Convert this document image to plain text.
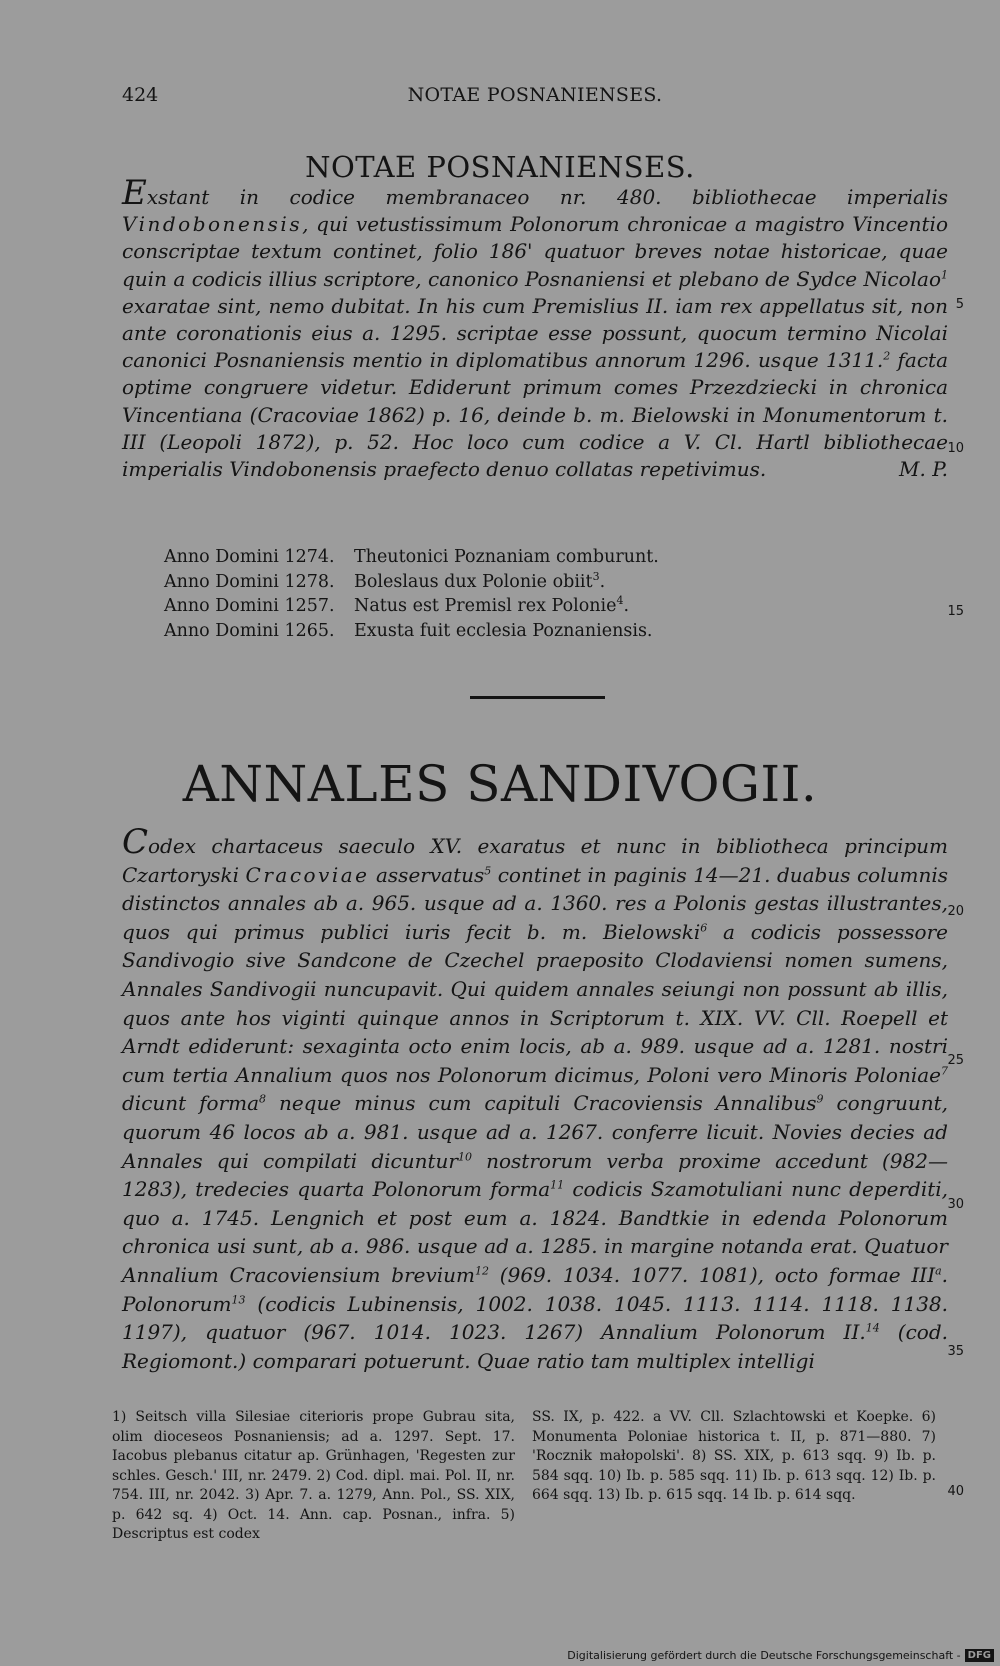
424	NOTAE POSNANIENSES.
NOTAE POSNANIENSES.

Exstant in codice membranaceo nr. 480. bibliothecae imperialis Vindobonensis, qui vetustissimum Polonorum chronicae a magistro Vincentio conscriptae textum continet, folio 186' quatuor breves notae historicae, quae quin a codicis illius scriptore, canonico Posnaniensi et plebano de Sydce Nicolao$^1$ exaratae sint, nemo dubitat. In his cum Premislius II. iam rex appellatus sit, non ante coronationis eius a. 1295. scriptae esse possunt, quocum termino Nicolai canonici Posnaniensis mentio in diplomatibus annorum 1296. usque 1311.$^2$ facta optime congruere videtur. Ediderunt primum comes Przezdziecki in chronica Vincentiana (Cracoviae 1862) p. 16, deinde b. m. Bielowski in Monumentorum t. III (Leopoli 1872), p. 52. Hoc loco cum codice a V. Cl. Hartl bibliothecae imperialis Vindobonensis praefecto denuo collatas repetivimus.	M. P.

Anno Domini 1274.	Theutonici Poznaniam comburunt.
Anno Domini 1278.	Boleslaus dux Polonie obiit$^3$.
Anno Domini 1257.	Natus est Premisl rex Polonie$^4$.
Anno Domini 1265.	Exusta fuit ecclesia Poznaniensis.
ANNALES SANDIVOGII.

Codex chartaceus saeculo XV. exaratus et nunc in bibliotheca principum Czartoryski Cracoviae asservatus$^5$ continet in paginis 14—21. duabus columnis distinctos annales ab a. 965. usque ad a. 1360. res a Polonis gestas illustrantes, quos qui primus publici iuris fecit b. m. Bielowski$^6$ a codicis possessore Sandivogio sive Sandcone de Czechel praeposito Clodaviensi nomen sumens, Annales Sandivogii nuncupavit. Qui quidem annales seiungi non possunt ab illis, quos ante hos viginti quinque annos in Scriptorum t. XIX. VV. Cll. Roepell et Arndt ediderunt: sexaginta octo enim locis, ab a. 989. usque ad a. 1281. nostri cum tertia Annalium quos nos Polonorum dicimus, Poloni vero Minoris Poloniae$^7$ dicunt forma$^8$ neque minus cum capituli Cracoviensis Annalibus$^9$ congruunt, quorum 46 locos ab a. 981. usque ad a. 1267. conferre licuit. Novies decies ad Annales qui compilati dicuntur$^{10}$ nostrorum verba proxime accedunt (982—1283), tredecies quarta Polonorum forma$^{11}$ codicis Szamotuliani nunc deperditi, quo a. 1745. Lengnich et post eum a. 1824. Bandtkie in edenda Polonorum chronica usi sunt, ab a. 986. usque ad a. 1285. in margine notanda erat. Quatuor Annalium Cracoviensium brevium$^{12}$ (969. 1034. 1077. 1081), octo formae III$^a$. Polonorum$^{13}$ (codicis Lubinensis, 1002. 1038. 1045. 1113. 1114. 1118. 1138. 1197), quatuor (967. 1014. 1023. 1267) Annalium Polonorum II.$^{14}$ (cod. Regiomont.) comparari potuerunt. Quae ratio tam multiplex intelligi

5
10
15
20
25
30
35
40

1) Seitsch villa Silesiae citerioris prope Gubrau sita, olim dioceseos Posnaniensis; ad a. 1297. Sept. 17. Iacobus plebanus citatur ap. Grünhagen, 'Regesten zur schles. Gesch.' III, nr. 2479. 2) Cod. dipl. mai. Pol. II, nr. 754. III, nr. 2042. 3) Apr. 7. a. 1279, Ann. Pol., SS. XIX, p. 642 sq. 4) Oct. 14. Ann. cap. Posnan., infra. 5) Descriptus est codex

SS. IX, p. 422. a VV. Cll. Szlachtowski et Koepke. 6) Monumenta Poloniae historica t. II, p. 871—880. 7) 'Rocznik małopolski'. 8) SS. XIX, p. 613 sqq. 9) Ib. p. 584 sqq. 10) Ib. p. 585 sqq. 11) Ib. p. 613 sqq. 12) Ib. p. 664 sqq. 13) Ib. p. 615 sqq. 14 Ib. p. 614 sqq.

Digitalisierung gefördert durch die Deutsche Forschungsgemeinschaft - DFG
